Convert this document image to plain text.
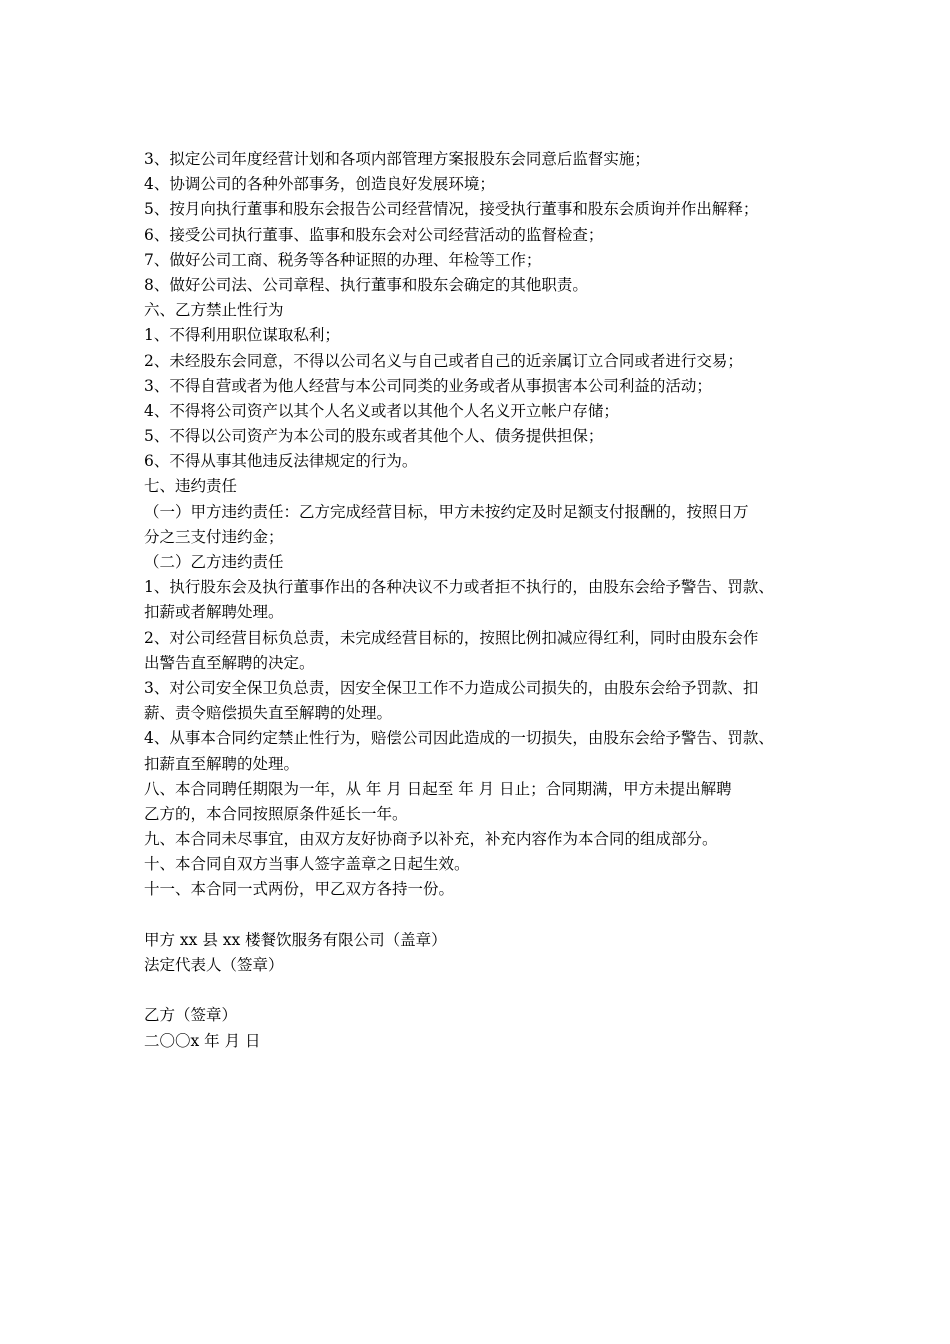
3、拟定公司年度经营计划和各项内部管理方案报股东会同意后监督实施；
4、协调公司的各种外部事务，创造良好发展环境；
5、按月向执行董事和股东会报告公司经营情况，接受执行董事和股东会质询并作出解释；
6、接受公司执行董事、监事和股东会对公司经营活动的监督检查；
7、做好公司工商、税务等各种证照的办理、年检等工作；
8、做好公司法、公司章程、执行董事和股东会确定的其他职责。
六、乙方禁止性行为
1、不得利用职位谋取私利；
2、未经股东会同意，不得以公司名义与自己或者自己的近亲属订立合同或者进行交易；
3、不得自营或者为他人经营与本公司同类的业务或者从事损害本公司利益的活动；
4、不得将公司资产以其个人名义或者以其他个人名义开立帐户存储；
5、不得以公司资产为本公司的股东或者其他个人、债务提供担保；
6、不得从事其他违反法律规定的行为。
七、违约责任
（一）甲方违约责任：乙方完成经营目标，甲方未按约定及时足额支付报酬的，按照日万
分之三支付违约金；
（二）乙方违约责任
1、执行股东会及执行董事作出的各种决议不力或者拒不执行的，由股东会给予警告、罚款、
扣薪或者解聘处理。
2、对公司经营目标负总责，未完成经营目标的，按照比例扣减应得红利，同时由股东会作
出警告直至解聘的决定。
3、对公司安全保卫负总责，因安全保卫工作不力造成公司损失的，由股东会给予罚款、扣
薪、责令赔偿损失直至解聘的处理。
4、从事本合同约定禁止性行为，赔偿公司因此造成的一切损失，由股东会给予警告、罚款、
扣薪直至解聘的处理。
八、本合同聘任期限为一年，从 年 月 日起至 年 月 日止；合同期满，甲方未提出解聘
乙方的，本合同按照原条件延长一年。
九、本合同未尽事宜，由双方友好协商予以补充，补充内容作为本合同的组成部分。
十、本合同自双方当事人签字盖章之日起生效。
十一、本合同一式两份，甲乙双方各持一份。
甲方 xx 县 xx 楼餐饮服务有限公司（盖章）
法定代表人（签章）
乙方（签章）
二〇〇x 年 月 日
